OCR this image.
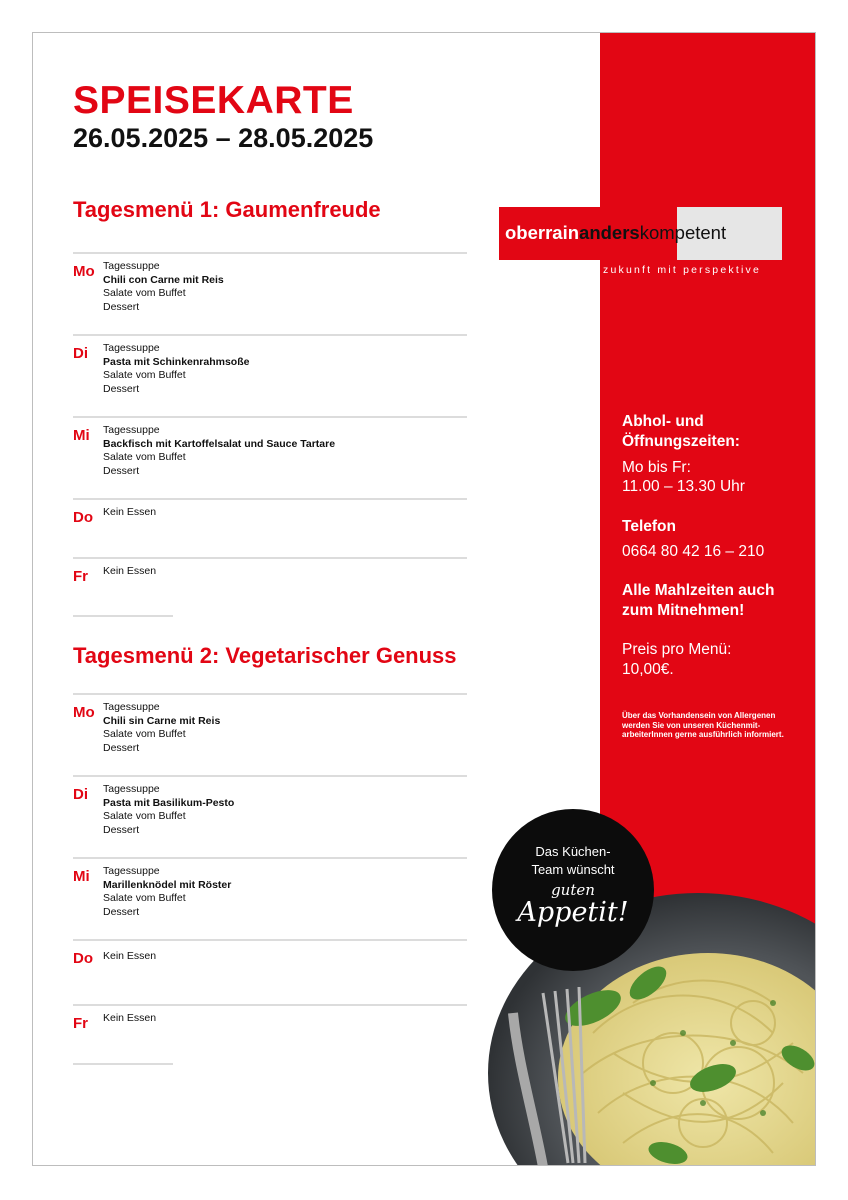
SPEISEKARTE
26.05.2025 – 28.05.2025
Tagesmenü 1: Gaumenfreude
Mo Tagessuppe
Chili con Carne mit Reis
Salate vom Buffet
Dessert
Di Tagessuppe
Pasta mit Schinkenrahmsoße
Salate vom Buffet
Dessert
Mi Tagessuppe
Backfisch mit Kartoffelsalat und Sauce Tartare
Salate vom Buffet
Dessert
Do Kein Essen
Fr Kein Essen
Tagesmenü 2: Vegetarischer Genuss
Mo Tagessuppe
Chili sin Carne mit Reis
Salate vom Buffet
Dessert
Di Tagessuppe
Pasta mit Basilikum-Pesto
Salate vom Buffet
Dessert
Mi Tagessuppe
Marillenknödel mit Röster
Salate vom Buffet
Dessert
Do Kein Essen
Fr Kein Essen
oberrainanderskompetent
zukunft mit perspektive
Abhol- und
Öffnungszeiten:
Mo bis Fr:
11.00 – 13.30 Uhr
Telefon
0664 80 42 16 – 210
Alle Mahlzeiten auch
zum Mitnehmen!
Preis pro Menü:
10,00€.
Über das Vorhandensein von Allergenen
werden Sie von unseren Küchenmit-
arbeiterInnen gerne ausführlich informiert.
Das Küchen-
Team wünscht
guten
Appetit!
